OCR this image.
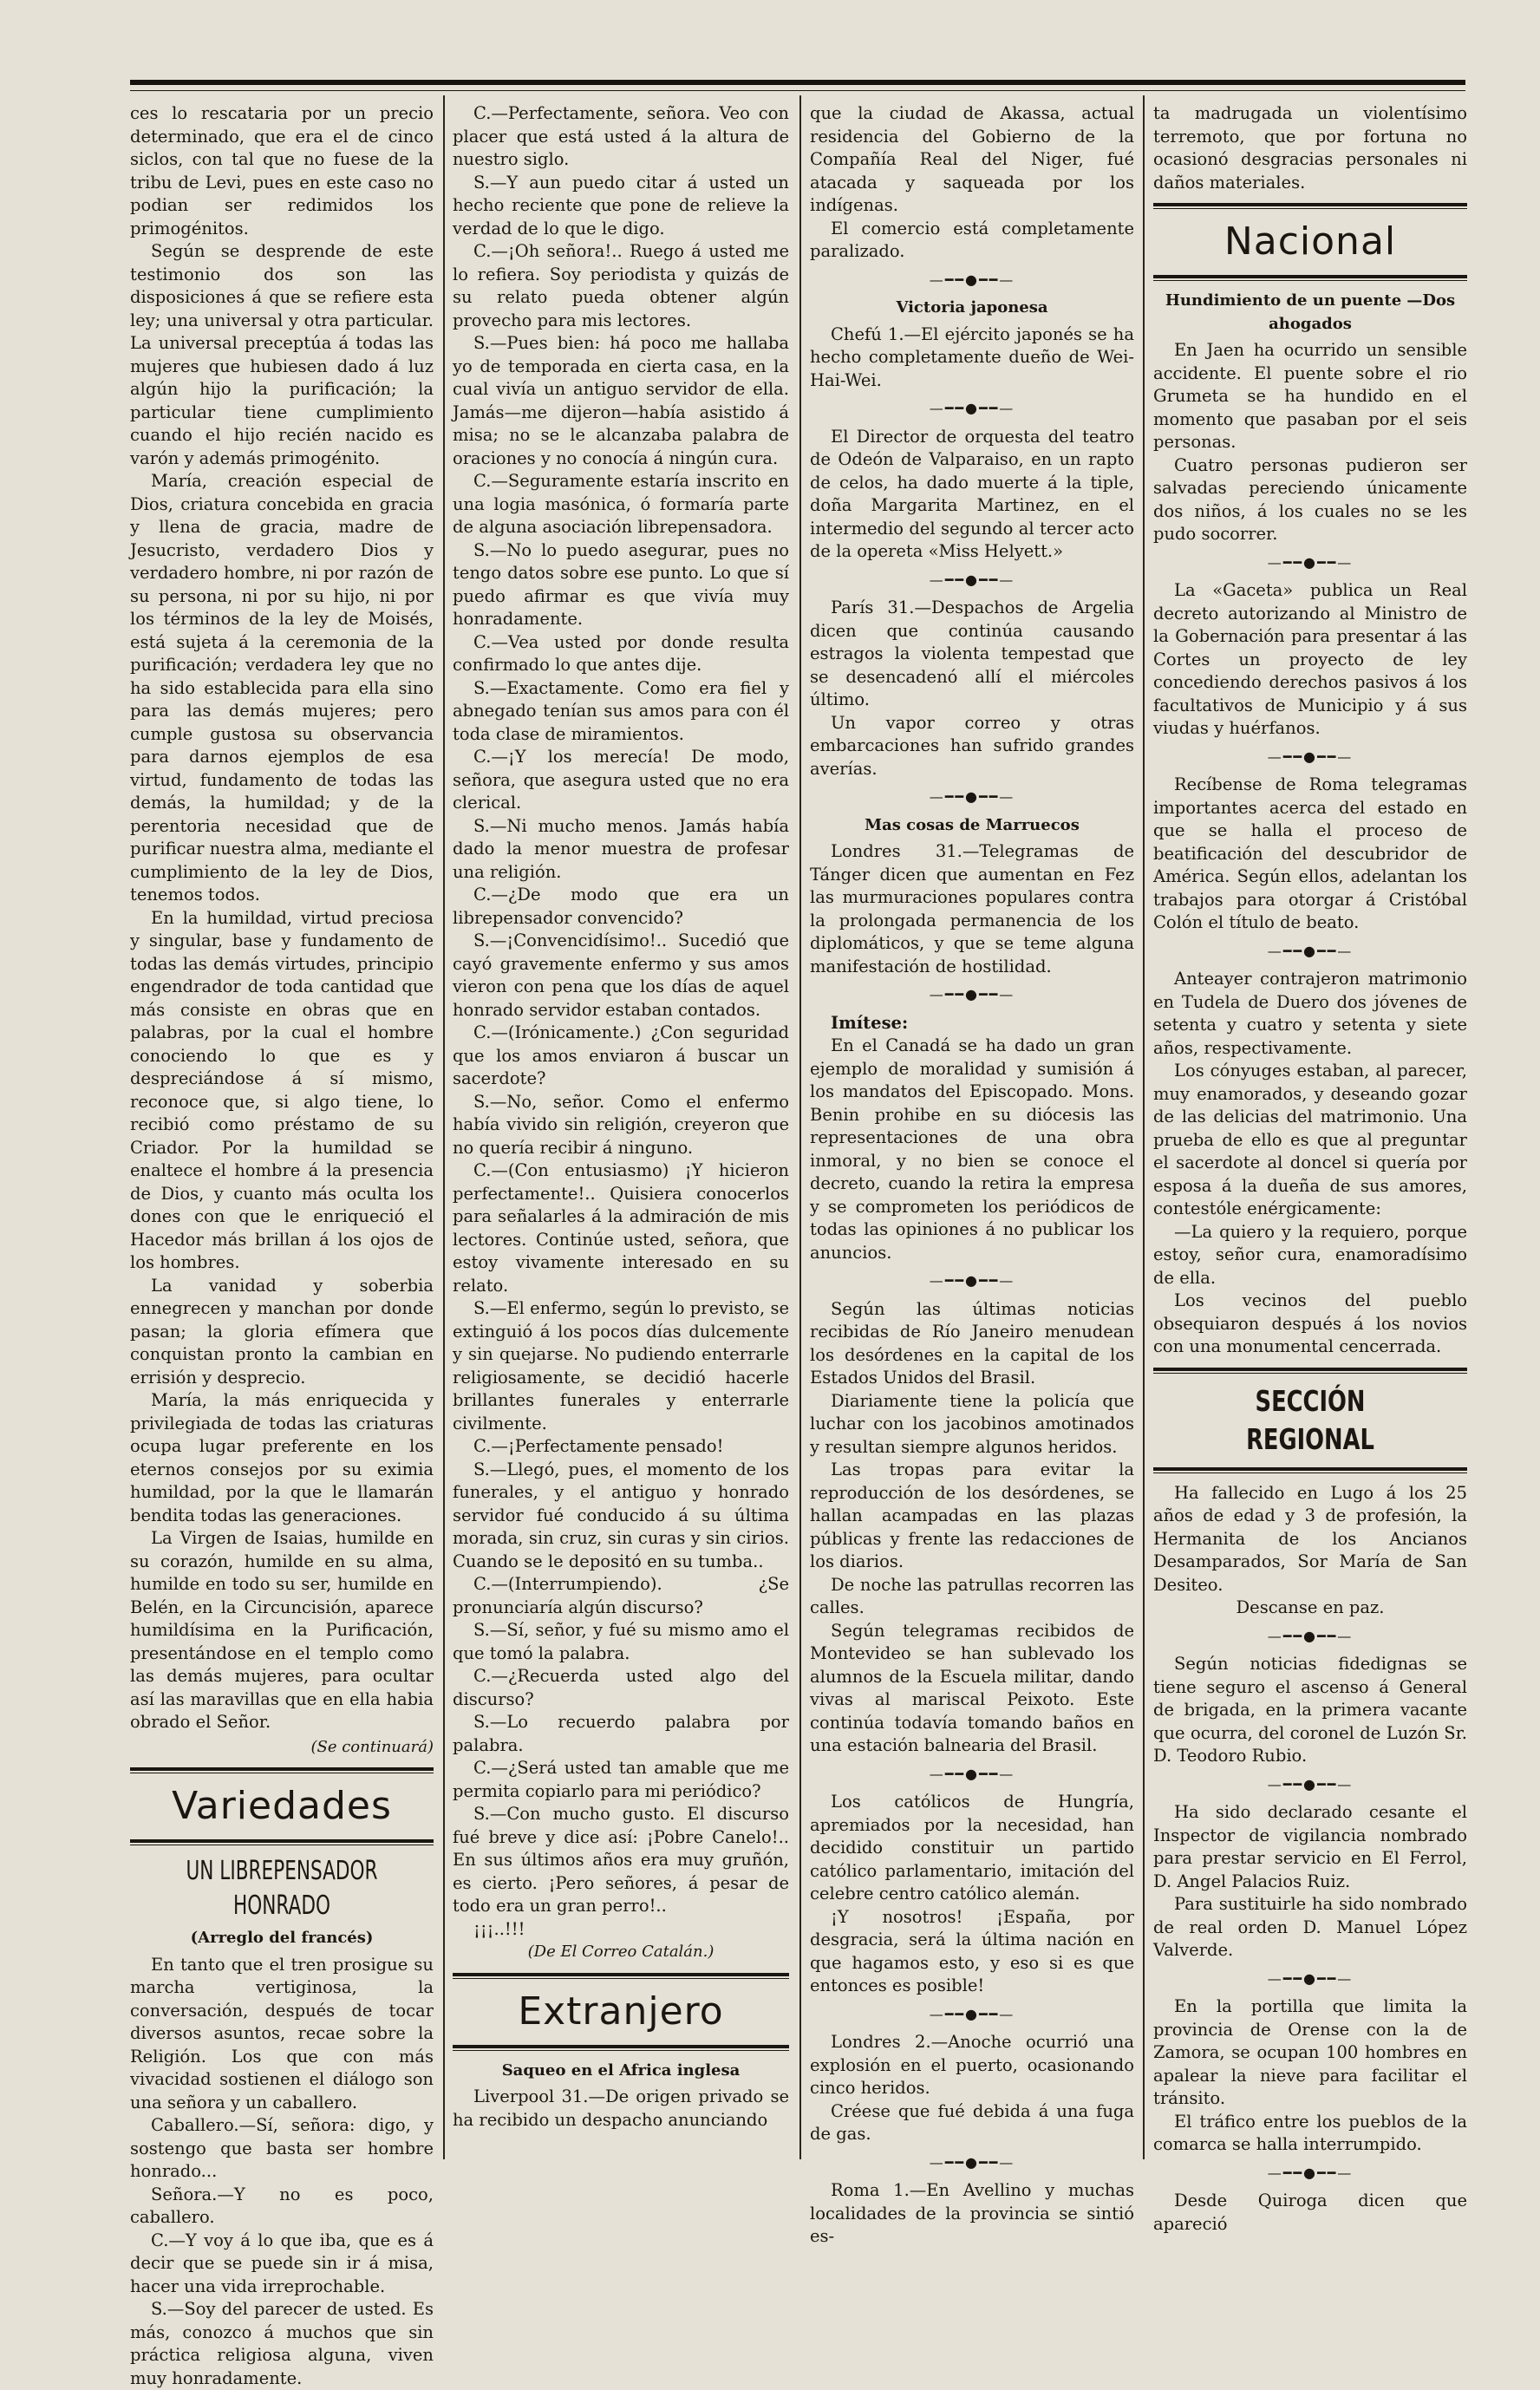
ces lo rescataria por un precio determinado, que era el de cinco siclos, con tal que no fuese de la tribu de Levi, pues en este caso no podian ser redimidos los primogénitos.

Según se desprende de este testimonio dos son las disposiciones á que se refiere esta ley; una universal y otra particular. La universal preceptúa á todas las mujeres que hubiesen dado á luz algún hijo la purificación; la particular tiene cumplimiento cuando el hijo recién nacido es varón y además primogénito.

María, creación especial de Dios, criatura concebida en gracia y llena de gracia, madre de Jesucristo, verdadero Dios y verdadero hombre, ni por razón de su persona, ni por su hijo, ni por los términos de la ley de Moisés, está sujeta á la ceremonia de la purificación; verdadera ley que no ha sido establecida para ella sino para las demás mujeres; pero cumple gustosa su observancia para darnos ejemplos de esa virtud, fundamento de todas las demás, la humildad; y de la perentoria necesidad que de purificar nuestra alma, mediante el cumplimiento de la ley de Dios, tenemos todos.

En la humildad, virtud preciosa y singular, base y fundamento de todas las demás virtudes, principio engendrador de toda cantidad que más consiste en obras que en palabras, por la cual el hombre conociendo lo que es y despreciándose á sí mismo, reconoce que, si algo tiene, lo recibió como préstamo de su Criador. Por la humildad se enaltece el hombre á la presencia de Dios, y cuanto más oculta los dones con que le enriqueció el Hacedor más brillan á los ojos de los hombres.

La vanidad y soberbia ennegrecen y manchan por donde pasan; la gloria efímera que conquistan pronto la cambian en errisión y desprecio.

María, la más enriquecida y privilegiada de todas las criaturas ocupa lugar preferente en los eternos consejos por su eximia humildad, por la que le llamarán bendita todas las generaciones.

La Virgen de Isaias, humilde en su corazón, humilde en su alma, humilde en todo su ser, humilde en Belén, en la Circuncisión, aparece humildísima en la Purificación, presentándose en el templo como las demás mujeres, para ocultar así las maravillas que en ella habia obrado el Señor.

(Se continuará)

Variedades
UN LIBREPENSADOR HONRADO

(Arreglo del francés)

En tanto que el tren prosigue su marcha vertiginosa, la conversación, después de tocar diversos asuntos, recae sobre la Religión. Los que con más vivacidad sostienen el diálogo son una señora y un caballero.

Caballero.—Sí, señora: digo, y sostengo que basta ser hombre honrado...

Señora.—Y no es poco, caballero.

C.—Y voy á lo que iba, que es á decir que se puede sin ir á misa, hacer una vida irreprochable.

S.—Soy del parecer de usted. Es más, conozco á muchos que sin práctica religiosa alguna, viven muy honradamente.

C.—Perfectamente, señora. Veo con placer que está usted á la altura de nuestro siglo.

S.—Y aun puedo citar á usted un hecho reciente que pone de relieve la verdad de lo que le digo.

C.—¡Oh señora!.. Ruego á usted me lo refiera. Soy periodista y quizás de su relato pueda obtener algún provecho para mis lectores.

S.—Pues bien: há poco me hallaba yo de temporada en cierta casa, en la cual vivía un antiguo servidor de ella. Jamás—me dijeron—había asistido á misa; no se le alcanzaba palabra de oraciones y no conocía á ningún cura.

C.—Seguramente estaría inscrito en una logia masónica, ó formaría parte de alguna asociación librepensadora.

S.—No lo puedo asegurar, pues no tengo datos sobre ese punto. Lo que sí puedo afirmar es que vivía muy honradamente.

C.—Vea usted por donde resulta confirmado lo que antes dije.

S.—Exactamente. Como era fiel y abnegado tenían sus amos para con él toda clase de miramientos.

C.—¡Y los merecía! De modo, señora, que asegura usted que no era clerical.

S.—Ni mucho menos. Jamás había dado la menor muestra de profesar una religión.

C.—¿De modo que era un librepensador convencido?

S.—¡Convencidísimo!.. Sucedió que cayó gravemente enfermo y sus amos vieron con pena que los días de aquel honrado servidor estaban contados.

C.—(Irónicamente.) ¿Con seguridad que los amos enviaron á buscar un sacerdote?

S.—No, señor. Como el enfermo había vivido sin religión, creyeron que no quería recibir á ninguno.

C.—(Con entusiasmo) ¡Y hicieron perfectamente!.. Quisiera conocerlos para señalarles á la admiración de mis lectores. Continúe usted, señora, que estoy vivamente interesado en su relato.

S.—El enfermo, según lo previsto, se extinguió á los pocos días dulcemente y sin quejarse. No pudiendo enterrarle religiosamente, se decidió hacerle brillantes funerales y enterrarle civilmente.

C.—¡Perfectamente pensado!

S.—Llegó, pues, el momento de los funerales, y el antiguo y honrado servidor fué conducido á su última morada, sin cruz, sin curas y sin cirios. Cuando se le depositó en su tumba..

C.—(Interrumpiendo). ¿Se pronunciaría algún discurso?

S.—Sí, señor, y fué su mismo amo el que tomó la palabra.

C.—¿Recuerda usted algo del discurso?

S.—Lo recuerdo palabra por palabra.

C.—¿Será usted tan amable que me permita copiarlo para mi periódico?

S.—Con mucho gusto. El discurso fué breve y dice así: ¡Pobre Canelo!.. En sus últimos años era muy gruñón, es cierto. ¡Pero señores, á pesar de todo era un gran perro!..

¡¡¡..!!!

(De El Correo Catalán.)

Extranjero

Saqueo en el Africa inglesa

Liverpool 31.—De origen privado se ha recibido un despacho anunciando

que la ciudad de Akassa, actual residencia del Gobierno de la Compañía Real del Niger, fué atacada y saqueada por los indígenas.

El comercio está completamente paralizado.

—━━●━━—

Victoria japonesa

Chefú 1.—El ejército japonés se ha hecho completamente dueño de Wei-Hai-Wei.

—━━●━━—

El Director de orquesta del teatro de Odeón de Valparaiso, en un rapto de celos, ha dado muerte á la tiple, doña Margarita Martinez, en el intermedio del segundo al tercer acto de la opereta «Miss Helyett.»

—━━●━━—

París 31.—Despachos de Argelia dicen que continúa causando estragos la violenta tempestad que se desencadenó allí el miércoles último.

Un vapor correo y otras embarcaciones han sufrido grandes averías.

—━━●━━—

Mas cosas de Marruecos

Londres 31.—Telegramas de Tánger dicen que aumentan en Fez las murmuraciones populares contra la prolongada permanencia de los diplomáticos, y que se teme alguna manifestación de hostilidad.

—━━●━━—

Imítese:

En el Canadá se ha dado un gran ejemplo de moralidad y sumisión á los mandatos del Episcopado. Mons. Benin prohibe en su diócesis las representaciones de una obra inmoral, y no bien se conoce el decreto, cuando la retira la empresa y se comprometen los periódicos de todas las opiniones á no publicar los anuncios.

—━━●━━—

Según las últimas noticias recibidas de Río Janeiro menudean los desórdenes en la capital de los Estados Unidos del Brasil.

Diariamente tiene la policía que luchar con los jacobinos amotinados y resultan siempre algunos heridos.

Las tropas para evitar la reproducción de los desórdenes, se hallan acampadas en las plazas públicas y frente las redacciones de los diarios.

De noche las patrullas recorren las calles.

Según telegramas recibidos de Montevideo se han sublevado los alumnos de la Escuela militar, dando vivas al mariscal Peixoto. Este continúa todavía tomando baños en una estación balnearia del Brasil.

—━━●━━—

Los católicos de Hungría, apremiados por la necesidad, han decidido constituir un partido católico parlamentario, imitación del celebre centro católico alemán.

¡Y nosotros! ¡España, por desgracia, será la última nación en que hagamos esto, y eso si es que entonces es posible!

—━━●━━—

Londres 2.—Anoche ocurrió una explosión en el puerto, ocasionando cinco heridos.

Créese que fué debida á una fuga de gas.

—━━●━━—

Roma 1.—En Avellino y muchas localidades de la provincia se sintió es-

ta madrugada un violentísimo terremoto, que por fortuna no ocasionó desgracias personales ni daños materiales.

Nacional

Hundimiento de un puente —Dos ahogados

En Jaen ha ocurrido un sensible accidente. El puente sobre el rio Grumeta se ha hundido en el momento que pasaban por el seis personas.

Cuatro personas pudieron ser salvadas pereciendo únicamente dos niños, á los cuales no se les pudo socorrer.

—━━●━━—

La «Gaceta» publica un Real decreto autorizando al Ministro de la Gobernación para presentar á las Cortes un proyecto de ley concediendo derechos pasivos á los facultativos de Municipio y á sus viudas y huérfanos.

—━━●━━—

Recíbense de Roma telegramas importantes acerca del estado en que se halla el proceso de beatificación del descubridor de América. Según ellos, adelantan los trabajos para otorgar á Cristóbal Colón el título de beato.

—━━●━━—

Anteayer contrajeron matrimonio en Tudela de Duero dos jóvenes de setenta y cuatro y setenta y siete años, respectivamente.

Los cónyuges estaban, al parecer, muy enamorados, y deseando gozar de las delicias del matrimonio. Una prueba de ello es que al preguntar el sacerdote al doncel si quería por esposa á la dueña de sus amores, contestóle enérgicamente:

—La quiero y la requiero, porque estoy, señor cura, enamoradísimo de ella.

Los vecinos del pueblo obsequiaron después á los novios con una monumental cencerrada.

SECCIÓN REGIONAL

Ha fallecido en Lugo á los 25 años de edad y 3 de profesión, la Hermanita de los Ancianos Desamparados, Sor María de San Desiteo.

Descanse en paz.

—━━●━━—

Según noticias fidedignas se tiene seguro el ascenso á General de brigada, en la primera vacante que ocurra, del coronel de Luzón Sr. D. Teodoro Rubio.

—━━●━━—

Ha sido declarado cesante el Inspector de vigilancia nombrado para prestar servicio en El Ferrol, D. Angel Palacios Ruiz.

Para sustituirle ha sido nombrado de real orden D. Manuel López Valverde.

—━━●━━—

En la portilla que limita la provincia de Orense con la de Zamora, se ocupan 100 hombres en apalear la nieve para facilitar el tránsito.

El tráfico entre los pueblos de la comarca se halla interrumpido.

—━━●━━—

Desde Quiroga dicen que apareció
